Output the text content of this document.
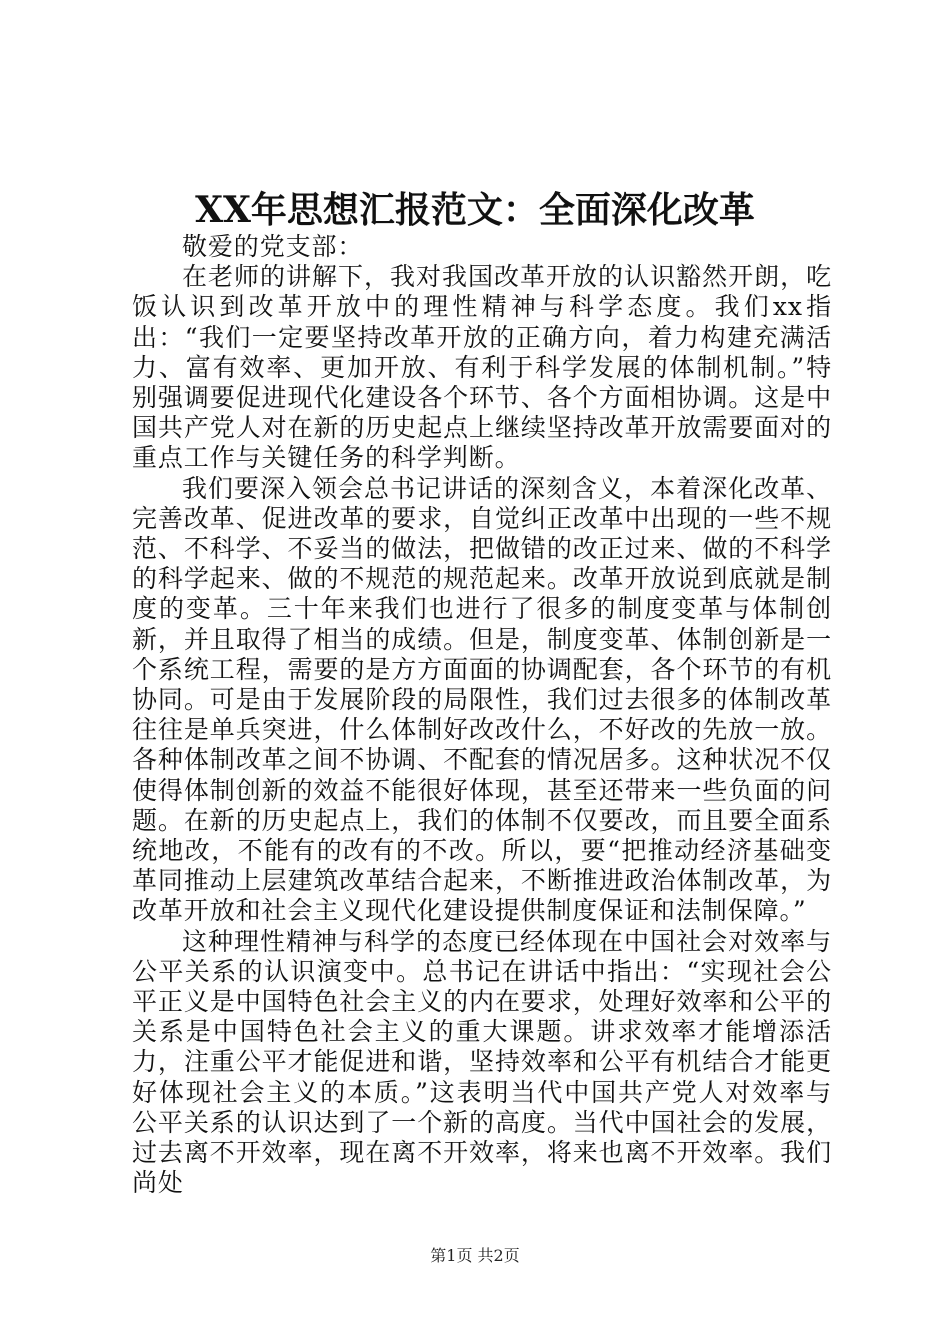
XX年思想汇报范文：全面深化改革

敬爱的党支部：

在老师的讲解下，我对我国改革开放的认识豁然开朗，吃饭认识到改革开放中的理性精神与科学态度。我们xx指出：“我们一定要坚持改革开放的正确方向，着力构建充满活力、富有效率、更加开放、有利于科学发展的体制机制。”特别强调要促进现代化建设各个环节、各个方面相协调。这是中国共产党人对在新的历史起点上继续坚持改革开放需要面对的重点工作与关键任务的科学判断。

我们要深入领会总书记讲话的深刻含义，本着深化改革、完善改革、促进改革的要求，自觉纠正改革中出现的一些不规范、不科学、不妥当的做法，把做错的改正过来、做的不科学的科学起来、做的不规范的规范起来。改革开放说到底就是制度的变革。三十年来我们也进行了很多的制度变革与体制创新，并且取得了相当的成绩。但是，制度变革、体制创新是一个系统工程，需要的是方方面面的协调配套，各个环节的有机协同。可是由于发展阶段的局限性，我们过去很多的体制改革往往是单兵突进，什么体制好改改什么，不好改的先放一放。各种体制改革之间不协调、不配套的情况居多。这种状况不仅使得体制创新的效益不能很好体现，甚至还带来一些负面的问题。在新的历史起点上，我们的体制不仅要改，而且要全面系统地改，不能有的改有的不改。所以，要“把推动经济基础变革同推动上层建筑改革结合起来，不断推进政治体制改革，为改革开放和社会主义现代化建设提供制度保证和法制保障。”

这种理性精神与科学的态度已经体现在中国社会对效率与公平关系的认识演变中。总书记在讲话中指出：“实现社会公平正义是中国特色社会主义的内在要求，处理好效率和公平的关系是中国特色社会主义的重大课题。讲求效率才能增添活力，注重公平才能促进和谐，坚持效率和公平有机结合才能更好体现社会主义的本质。”这表明当代中国共产党人对效率与公平关系的认识达到了一个新的高度。当代中国社会的发展，过去离不开效率，现在离不开效率，将来也离不开效率。我们尚处

第1页 共2页
